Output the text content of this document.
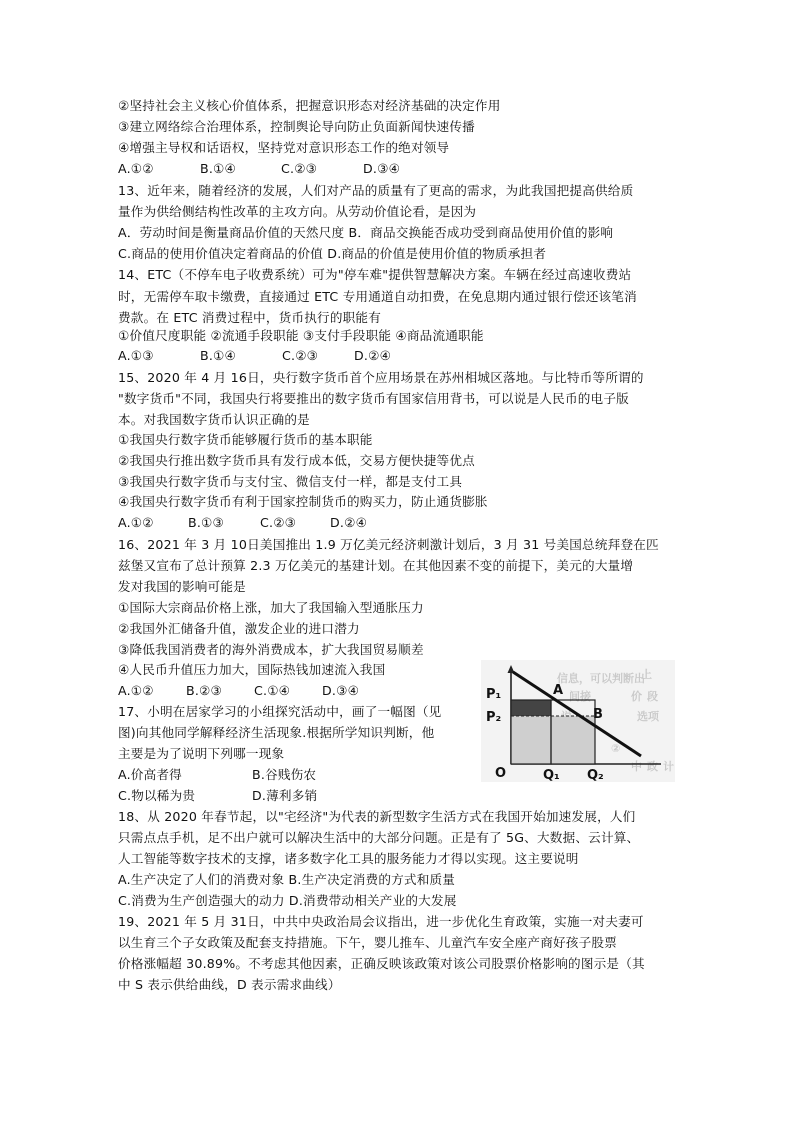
②坚持社会主义核心价值体系，把握意识形态对经济基础的决定作用
③建立网络综合治理体系，控制舆论导向防止负面新闻快速传播
④增强主导权和话语权，坚持党对意识形态工作的绝对领导
A.①②	B.①④	C.②③	D.③④
13、近年来，随着经济的发展，人们对产品的质量有了更高的需求，为此我国把提高供给质
量作为供给侧结构性改革的主攻方向。从劳动价值论看，是因为
A．劳动时间是衡量商品价值的天然尺度 B．商品交换能否成功受到商品使用价值的影响
C.商品的使用价值决定着商品的价值 D.商品的价值是使用价值的物质承担者
14、ETC（不停车电子收费系统）可为"停车难"提供智慧解决方案。车辆在经过高速收费站
时，无需停车取卡缴费，直接通过 ETC 专用通道自动扣费，在免息期内通过银行偿还该笔消
费款。在 ETC 消费过程中，货币执行的职能有
①价值尺度职能 ②流通手段职能 ③支付手段职能 ④商品流通职能
A.①③	B.①④	C.②③	D.②④
15、2020 年 4 月 16日，央行数字货币首个应用场景在苏州相城区落地。与比特币等所谓的
"数字货币"不同，我国央行将要推出的数字货币有国家信用背书，可以说是人民币的电子版
本。对我国数字货币认识正确的是
①我国央行数字货币能够履行货币的基本职能
②我国央行推出数字货币具有发行成本低，交易方便快捷等优点
③我国央行数字货币与支付宝、微信支付一样，都是支付工具
④我国央行数字货币有利于国家控制货币的购买力，防止通货膨胀
A.①②	B.①③	C.②③	D.②④
16、2021 年 3 月 10日美国推出 1.9 万亿美元经济刺激计划后，3 月 31 号美国总统拜登在匹
兹堡又宣布了总计预算 2.3 万亿美元的基建计划。在其他因素不变的前提下，美元的大量增
发对我国的影响可能是
①国际大宗商品价格上涨，加大了我国输入型通胀压力
②我国外汇储备升值，激发企业的进口潜力
③降低我国消费者的海外消费成本，扩大我国贸易顺差
④人民币升值压力加大，国际热钱加速流入我国
A.①②	B.②③	C.①④	D.③④
17、小明在居家学习的小组探究活动中，画了一幅图（见
图)向其他同学解释经济生活现象.根据所学知识判断，他
主要是为了说明下列哪一现象
A.价高者得	B.谷贱伤农
C.物以稀为贵	D.薄利多销
上
信息，可以判断出
间接	价 段
选项
②
中 政 计
P₁
P₂
A
B
O	Q₁ Q₂
18、从 2020 年春节起，以"宅经济"为代表的新型数字生活方式在我国开始加速发展，人们
只需点点手机，足不出户就可以解决生活中的大部分问题。正是有了 5G、大数据、云计算、
人工智能等数字技术的支撑，诸多数字化工具的服务能力才得以实现。这主要说明
A.生产决定了人们的消费对象 B.生产决定消费的方式和质量
C.消费为生产创造强大的动力 D.消费带动相关产业的大发展
19、2021 年 5 月 31日，中共中央政治局会议指出，进一步优化生育政策，实施一对夫妻可
以生育三个子女政策及配套支持措施。下午，婴儿推车、儿童汽车安全座产商好孩子股票
价格涨幅超 30.89%。不考虑其他因素，正确反映该政策对该公司股票价格影响的图示是（其
中 S 表示供给曲线，D 表示需求曲线）
